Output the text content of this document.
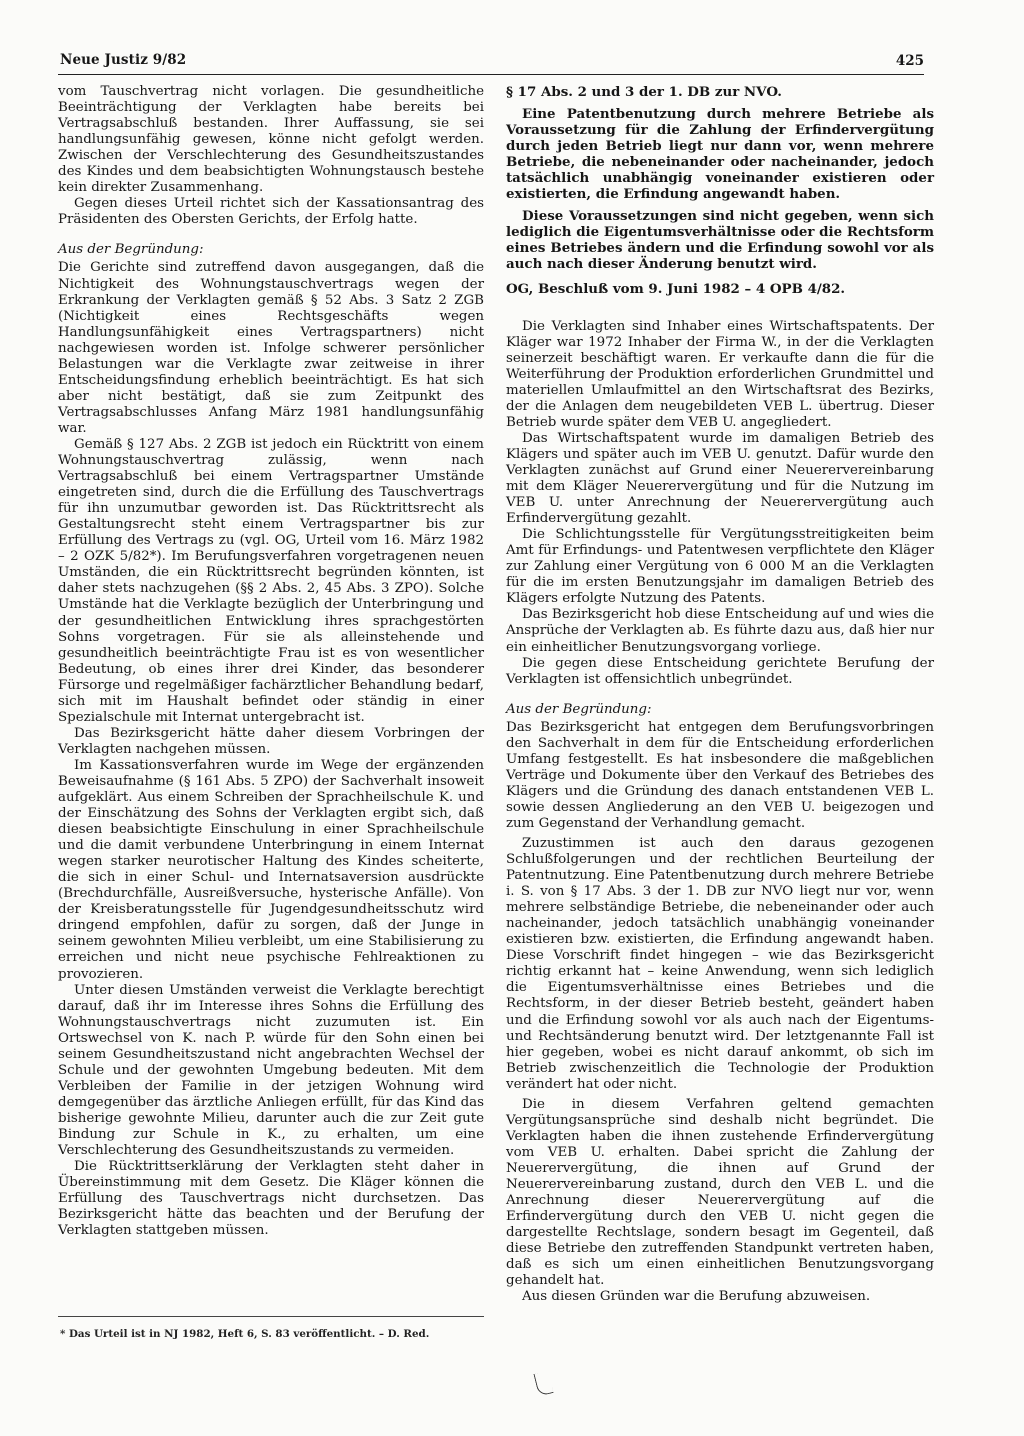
Neue Justiz 9/82	425

vom Tauschvertrag nicht vorlagen. Die gesundheitliche Beeinträchtigung der Verklagten habe bereits bei Vertragsabschluß bestanden. Ihrer Auffassung, sie sei handlungsunfähig gewesen, könne nicht gefolgt werden. Zwischen der Verschlechterung des Gesundheitszustandes des Kindes und dem beabsichtigten Wohnungstausch bestehe kein direkter Zusammenhang.

Gegen dieses Urteil richtet sich der Kassationsantrag des Präsidenten des Obersten Gerichts, der Erfolg hatte.

Aus der Begründung:

Die Gerichte sind zutreffend davon ausgegangen, daß die Nichtigkeit des Wohnungstauschvertrags wegen der Erkrankung der Verklagten gemäß § 52 Abs. 3 Satz 2 ZGB (Nichtigkeit eines Rechtsgeschäfts wegen Handlungsunfähigkeit eines Vertragspartners) nicht nachgewiesen worden ist. Infolge schwerer persönlicher Belastungen war die Verklagte zwar zeitweise in ihrer Entscheidungsfindung erheblich beeinträchtigt. Es hat sich aber nicht bestätigt, daß sie zum Zeitpunkt des Vertragsabschlusses Anfang März 1981 handlungsunfähig war.

Gemäß § 127 Abs. 2 ZGB ist jedoch ein Rücktritt von einem Wohnungstauschvertrag zulässig, wenn nach Vertragsabschluß bei einem Vertragspartner Umstände eingetreten sind, durch die die Erfüllung des Tauschvertrags für ihn unzumutbar geworden ist. Das Rücktrittsrecht als Gestaltungsrecht steht einem Vertragspartner bis zur Erfüllung des Vertrags zu (vgl. OG, Urteil vom 16. März 1982 – 2 OZK 5/82*). Im Berufungsverfahren vorgetragenen neuen Umständen, die ein Rücktrittsrecht begründen könnten, ist daher stets nachzugehen (§§ 2 Abs. 2, 45 Abs. 3 ZPO). Solche Umstände hat die Verklagte bezüglich der Unterbringung und der gesundheitlichen Entwicklung ihres sprachgestörten Sohns vorgetragen. Für sie als alleinstehende und gesundheitlich beeinträchtigte Frau ist es von wesentlicher Bedeutung, ob eines ihrer drei Kinder, das besonderer Fürsorge und regelmäßiger fachärztlicher Behandlung bedarf, sich mit im Haushalt befindet oder ständig in einer Spezialschule mit Internat untergebracht ist.

Das Bezirksgericht hätte daher diesem Vorbringen der Verklagten nachgehen müssen.

Im Kassationsverfahren wurde im Wege der ergänzenden Beweisaufnahme (§ 161 Abs. 5 ZPO) der Sachverhalt insoweit aufgeklärt. Aus einem Schreiben der Sprachheilschule K. und der Einschätzung des Sohns der Verklagten ergibt sich, daß diesen beabsichtigte Einschulung in einer Sprachheilschule und die damit verbundene Unterbringung in einem Internat wegen starker neurotischer Haltung des Kindes scheiterte, die sich in einer Schul- und Internatsaversion ausdrückte (Brechdurchfälle, Ausreißversuche, hysterische Anfälle). Von der Kreisberatungsstelle für Jugendgesundheitsschutz wird dringend empfohlen, dafür zu sorgen, daß der Junge in seinem gewohnten Milieu verbleibt, um eine Stabilisierung zu erreichen und nicht neue psychische Fehlreaktionen zu provozieren.

Unter diesen Umständen verweist die Verklagte berechtigt darauf, daß ihr im Interesse ihres Sohns die Erfüllung des Wohnungstauschvertrags nicht zuzumuten ist. Ein Ortswechsel von K. nach P. würde für den Sohn einen bei seinem Gesundheitszustand nicht angebrachten Wechsel der Schule und der gewohnten Umgebung bedeuten. Mit dem Verbleiben der Familie in der jetzigen Wohnung wird demgegenüber das ärztliche Anliegen erfüllt, für das Kind das bisherige gewohnte Milieu, darunter auch die zur Zeit gute Bindung zur Schule in K., zu erhalten, um eine Verschlechterung des Gesundheitszustands zu vermeiden.

Die Rücktrittserklärung der Verklagten steht daher in Übereinstimmung mit dem Gesetz. Die Kläger können die Erfüllung des Tauschvertrags nicht durchsetzen. Das Bezirksgericht hätte das beachten und der Berufung der Verklagten stattgeben müssen.

* Das Urteil ist in NJ 1982, Heft 6, S. 83 veröffentlicht. – D. Red.

§ 17 Abs. 2 und 3 der 1. DB zur NVO.

Eine Patentbenutzung durch mehrere Betriebe als Voraussetzung für die Zahlung der Erfindervergütung durch jeden Betrieb liegt nur dann vor, wenn mehrere Betriebe, die nebeneinander oder nacheinander, jedoch tatsächlich unabhängig voneinander existieren oder existierten, die Erfindung angewandt haben.

Diese Voraussetzungen sind nicht gegeben, wenn sich lediglich die Eigentumsverhältnisse oder die Rechtsform eines Betriebes ändern und die Erfindung sowohl vor als auch nach dieser Änderung benutzt wird.

OG, Beschluß vom 9. Juni 1982 – 4 OPB 4/82.

Die Verklagten sind Inhaber eines Wirtschaftspatents. Der Kläger war 1972 Inhaber der Firma W., in der die Verklagten seinerzeit beschäftigt waren. Er verkaufte dann die für die Weiterführung der Produktion erforderlichen Grundmittel und materiellen Umlaufmittel an den Wirtschaftsrat des Bezirks, der die Anlagen dem neugebildeten VEB L. übertrug. Dieser Betrieb wurde später dem VEB U. angegliedert.

Das Wirtschaftspatent wurde im damaligen Betrieb des Klägers und später auch im VEB U. genutzt. Dafür wurde den Verklagten zunächst auf Grund einer Neuerervereinbarung mit dem Kläger Neuerervergütung und für die Nutzung im VEB U. unter Anrechnung der Neuerervergütung auch Erfindervergütung gezahlt.

Die Schlichtungsstelle für Vergütungsstreitigkeiten beim Amt für Erfindungs- und Patentwesen verpflichtete den Kläger zur Zahlung einer Vergütung von 6 000 M an die Verklagten für die im ersten Benutzungsjahr im damaligen Betrieb des Klägers erfolgte Nutzung des Patents.

Das Bezirksgericht hob diese Entscheidung auf und wies die Ansprüche der Verklagten ab. Es führte dazu aus, daß hier nur ein einheitlicher Benutzungsvorgang vorliege.

Die gegen diese Entscheidung gerichtete Berufung der Verklagten ist offensichtlich unbegründet.

Aus der Begründung:

Das Bezirksgericht hat entgegen dem Berufungsvorbringen den Sachverhalt in dem für die Entscheidung erforderlichen Umfang festgestellt. Es hat insbesondere die maßgeblichen Verträge und Dokumente über den Verkauf des Betriebes des Klägers und die Gründung des danach entstandenen VEB L. sowie dessen Angliederung an den VEB U. beigezogen und zum Gegenstand der Verhandlung gemacht.

Zuzustimmen ist auch den daraus gezogenen Schlußfolgerungen und der rechtlichen Beurteilung der Patentnutzung. Eine Patentbenutzung durch mehrere Betriebe i. S. von § 17 Abs. 3 der 1. DB zur NVO liegt nur vor, wenn mehrere selbständige Betriebe, die nebeneinander oder auch nacheinander, jedoch tatsächlich unabhängig voneinander existieren bzw. existierten, die Erfindung angewandt haben. Diese Vorschrift findet hingegen – wie das Bezirksgericht richtig erkannt hat – keine Anwendung, wenn sich lediglich die Eigentumsverhältnisse eines Betriebes und die Rechtsform, in der dieser Betrieb besteht, geändert haben und die Erfindung sowohl vor als auch nach der Eigentums- und Rechtsänderung benutzt wird. Der letztgenannte Fall ist hier gegeben, wobei es nicht darauf ankommt, ob sich im Betrieb zwischenzeitlich die Technologie der Produktion verändert hat oder nicht.

Die in diesem Verfahren geltend gemachten Vergütungsansprüche sind deshalb nicht begründet. Die Verklagten haben die ihnen zustehende Erfindervergütung vom VEB U. erhalten. Dabei spricht die Zahlung der Neuerervergütung, die ihnen auf Grund der Neuerervereinbarung zustand, durch den VEB L. und die Anrechnung dieser Neuerervergütung auf die Erfindervergütung durch den VEB U. nicht gegen die dargestellte Rechtslage, sondern besagt im Gegenteil, daß diese Betriebe den zutreffenden Standpunkt vertreten haben, daß es sich um einen einheitlichen Benutzungsvorgang gehandelt hat.

Aus diesen Gründen war die Berufung abzuweisen.
